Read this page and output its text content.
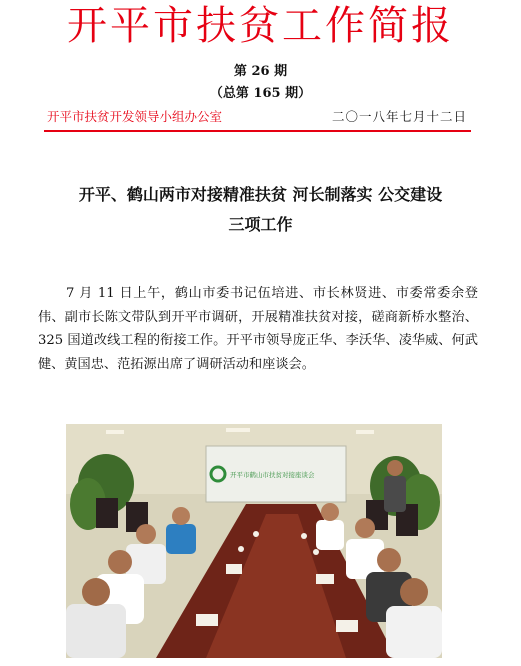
开平市扶贫工作简报
第 26 期
（总第 165 期）
开平市扶贫开发领导小组办公室	二〇一八年七月十二日
开平、鹤山两市对接精准扶贫 河长制落实 公交建设
三项工作

7 月 11 日上午，鹤山市委书记伍培进、市长林贤进、市委常委余登伟、副市长陈文带队到开平市调研，开展精准扶贫对接，磋商新桥水整治、325 国道改线工程的衔接工作。开平市领导庞正华、李沃华、凌华威、何武健、黄国忠、范拓源出席了调研活动和座谈会。

开平市鹤山市扶贫对接座谈会
